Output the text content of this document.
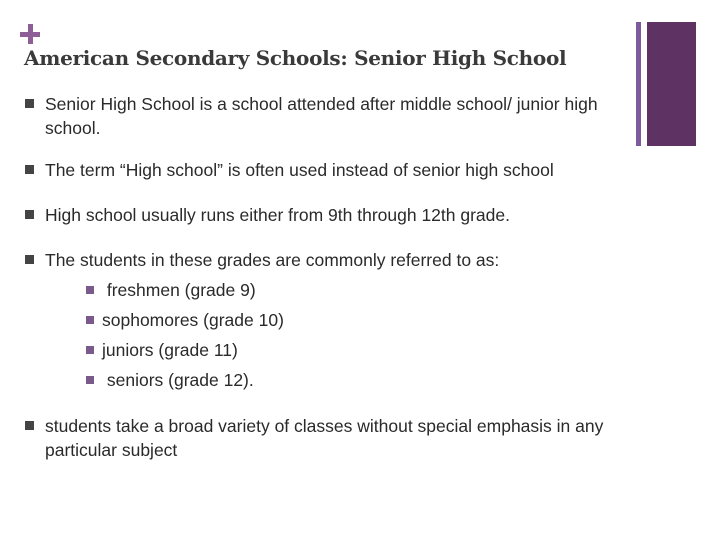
American Secondary Schools: Senior High School
Senior High School is a school attended after middle school/ junior high school.
The term “High school” is often used instead of senior high school
High school usually runs either from 9th through 12th grade.
The students in these grades are commonly referred to as:
freshmen (grade 9)
sophomores (grade 10)
juniors (grade 11)
seniors (grade 12).
students take a broad variety of classes without special emphasis in any particular subject
